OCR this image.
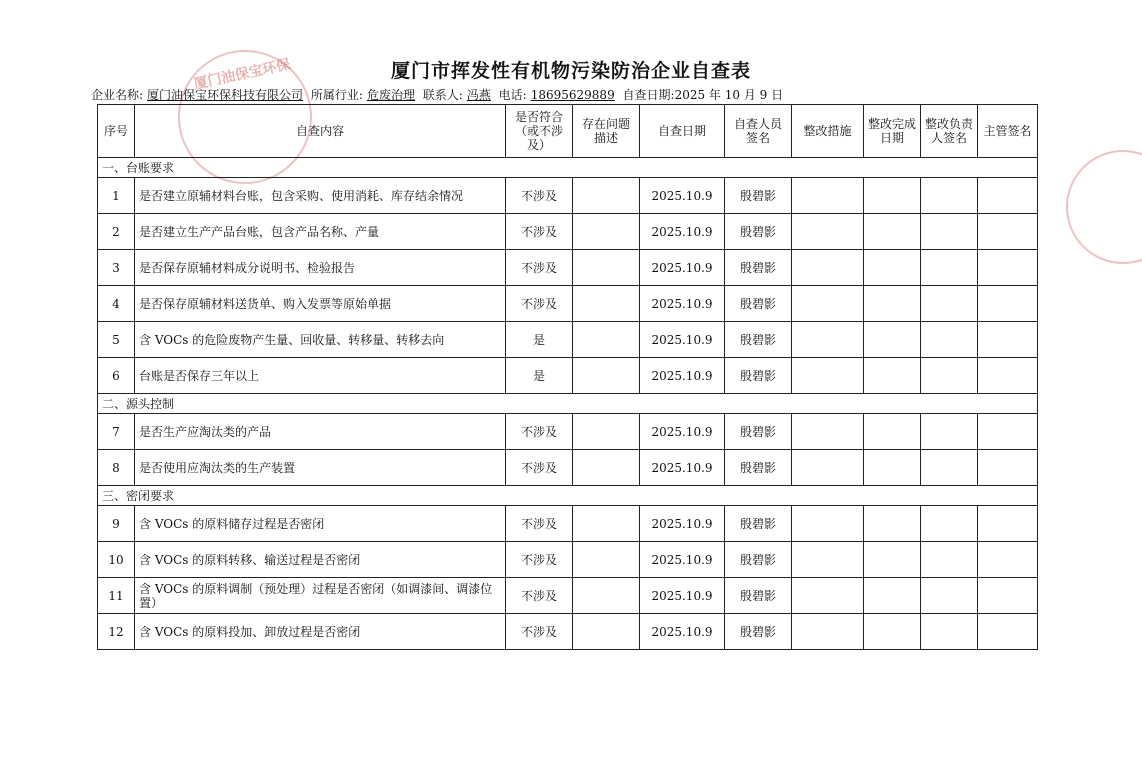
厦门油保宝环保	厦门市挥发性有机物污染防治企业自查表
企业名称: 厦门油保宝环保科技有限公司 所属行业: 危废治理 联系人: 冯燕 电话: 18695629889 自查日期:2025 年 10 月 9 日
序号	自查内容	是否符合（或不涉及）	存在问题描述	自查日期	自查人员签名	整改措施	整改完成日期	整改负责人签名	主管签名
一、台账要求									
1	是否建立原辅材料台账，包含采购、使用消耗、库存结余情况	不涉及		2025.10.9	殷碧影				
2	是否建立生产产品台账，包含产品名称、产量	不涉及		2025.10.9	殷碧影				
3	是否保存原辅材料成分说明书、检验报告	不涉及		2025.10.9	殷碧影				
4	是否保存原辅材料送货单、购入发票等原始单据	不涉及		2025.10.9	殷碧影				
5	含 VOCs 的危险废物产生量、回收量、转移量、转移去向	是		2025.10.9	殷碧影				
6	台账是否保存三年以上	是		2025.10.9	殷碧影				
二、源头控制									
7	是否生产应淘汰类的产品	不涉及		2025.10.9	殷碧影				
8	是否使用应淘汰类的生产装置	不涉及		2025.10.9	殷碧影				
三、密闭要求									
9	含 VOCs 的原料储存过程是否密闭	不涉及		2025.10.9	殷碧影				
10	含 VOCs 的原料转移、输送过程是否密闭	不涉及		2025.10.9	殷碧影				
11	含 VOCs 的原料调制（预处理）过程是否密闭（如调漆间、调漆位置）	不涉及		2025.10.9	殷碧影				
12	含 VOCs 的原料投加、卸放过程是否密闭	不涉及		2025.10.9	殷碧影				
